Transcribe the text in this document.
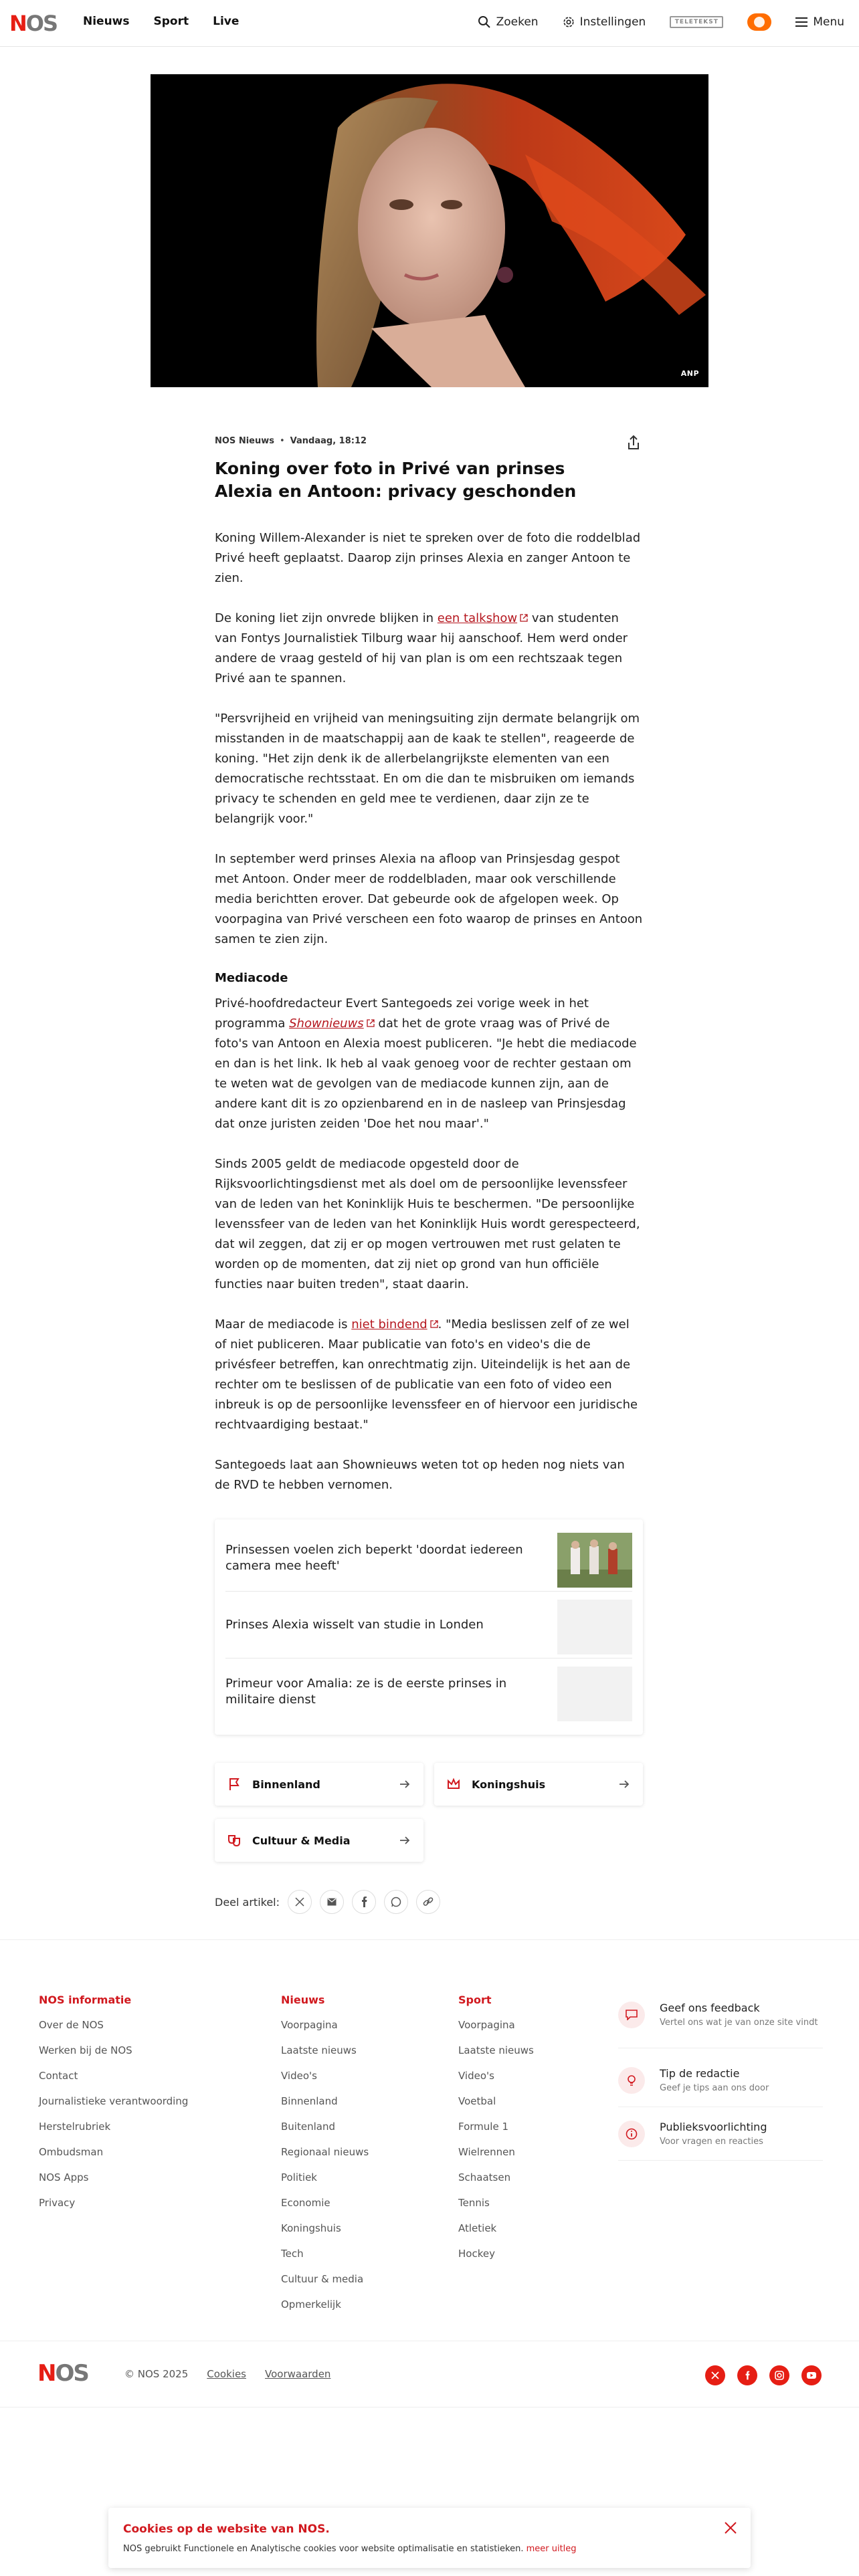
N OS Nieuws Sport Live	Zoeken	Instellingen	TELETEKST	Menu
ANP
NOS Nieuws • Vandaag, 18:12
Koning over foto in Privé van prinses Alexia en Antoon: privacy geschonden

Koning Willem-Alexander is niet te spreken over de foto die roddelblad Privé heeft geplaatst. Daarop zijn prinses Alexia en zanger Antoon te zien.

De koning liet zijn onvrede blijken in een talkshow van studenten van Fontys Journalistiek Tilburg waar hij aanschoof. Hem werd onder andere de vraag gesteld of hij van plan is om een rechtszaak tegen Privé aan te spannen.

"Persvrijheid en vrijheid van meningsuiting zijn dermate belangrijk om misstanden in de maatschappij aan de kaak te stellen", reageerde de koning. "Het zijn denk ik de allerbelangrijkste elementen van een democratische rechtsstaat. En om die dan te misbruiken om iemands privacy te schenden en geld mee te verdienen, daar zijn ze te belangrijk voor."

In september werd prinses Alexia na afloop van Prinsjesdag gespot met Antoon. Onder meer de roddelbladen, maar ook verschillende media berichtten erover. Dat gebeurde ook de afgelopen week. Op voorpagina van Privé verscheen een foto waarop de prinses en Antoon samen te zien zijn.

Mediacode

Privé-hoofdredacteur Evert Santegoeds zei vorige week in het programma Shownieuws dat het de grote vraag was of Privé de foto's van Antoon en Alexia moest publiceren. "Je hebt die mediacode en dan is het link. Ik heb al vaak genoeg voor de rechter gestaan om te weten wat de gevolgen van de mediacode kunnen zijn, aan de andere kant dit is zo opzienbarend en in de nasleep van Prinsjesdag dat onze juristen zeiden 'Doe het nou maar'."

Sinds 2005 geldt de mediacode opgesteld door de Rijksvoorlichtingsdienst met als doel om de persoonlijke levenssfeer van de leden van het Koninklijk Huis te beschermen. "De persoonlijke levenssfeer van de leden van het Koninklijk Huis wordt gerespecteerd, dat wil zeggen, dat zij er op mogen vertrouwen met rust gelaten te worden op de momenten, dat zij niet op grond van hun officiële functies naar buiten treden", staat daarin.

Maar de mediacode is niet bindend . "Media beslissen zelf of ze wel of niet publiceren. Maar publicatie van foto's en video's die de privésfeer betreffen, kan onrechtmatig zijn. Uiteindelijk is het aan de rechter om te beslissen of de publicatie van een foto of video een inbreuk is op de persoonlijke levenssfeer en of hiervoor een juridische rechtvaardiging bestaat."

Santegoeds laat aan Shownieuws weten tot op heden nog niets van de RVD te hebben vernomen.

Prinsessen voelen zich beperkt 'doordat iedereen camera mee heeft'
Prinses Alexia wisselt van studie in Londen
Primeur voor Amalia: ze is de eerste prinses in militaire dienst
Binnenland	Koningshuis
Cultuur & Media
Deel artikel:
NOS informatie
Over de NOS
Werken bij de NOS
Contact
Journalistieke verantwoording
Herstelrubriek
Ombudsman
NOS Apps
Privacy
Nieuws
Voorpagina
Laatste nieuws
Video's
Binnenland
Buitenland
Regionaal nieuws
Politiek
Economie
Koningshuis
Tech
Cultuur & media
Opmerkelijk
Sport
Voorpagina
Laatste nieuws
Video's
Voetbal
Formule 1
Wielrennen
Schaatsen
Tennis
Atletiek
Hockey
Geef ons feedback
Vertel ons wat je van onze site vindt
Tip de redactie
Geef je tips aan ons door
Publieksvoorlichting
Voor vragen en reacties
NOS	© NOS 2025 Cookies Voorwaarden
Cookies op de website van NOS.
NOS gebruikt Functionele en Analytische cookies voor website optimalisatie en statistieken. meer uitleg
